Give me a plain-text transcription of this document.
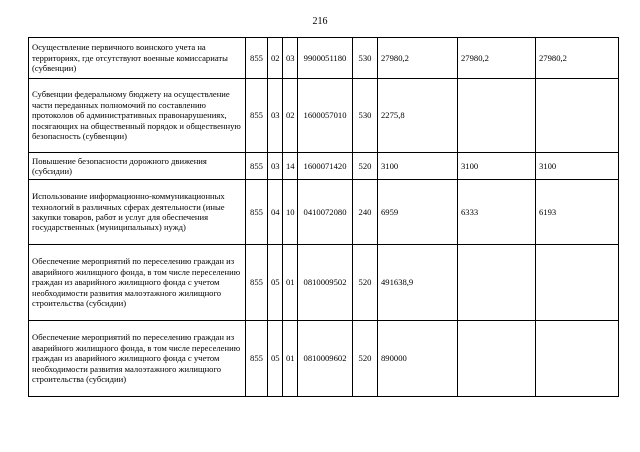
216
Осуществление первичного воинского учета на территориях, где отсутствуют военные комиссариаты (субвенции)	855	02	03	9900051180	530	27980,2	27980,2	27980,2
Субвенции федеральному бюджету на осуществление части переданных полномочий по составлению протоколов об административных правонарушениях, посягающих на общественный порядок и общественную безопасность (субвенции)	855	03	02	1600057010	530	2275,8		
Повышение безопасности дорожного движения (субсидии)	855	03	14	1600071420	520	3100	3100	3100
Использование информационно-коммуникационных технологий в различных сферах деятельности (иные закупки товаров, работ и услуг для обеспечения государственных (муниципальных) нужд)	855	04	10	0410072080	240	6959	6333	6193
Обеспечение мероприятий по переселению граждан из аварийного жилищного фонда, в том числе переселению граждан из аварийного жилищного фонда с учетом необходимости развития малоэтажного жилищного строительства (субсидии)	855	05	01	0810009502	520	491638,9		
Обеспечение мероприятий по переселению граждан из аварийного жилищного фонда, в том числе переселению граждан из аварийного жилищного фонда с учетом необходимости развития малоэтажного жилищного строительства (субсидии)	855	05	01	0810009602	520	890000		
